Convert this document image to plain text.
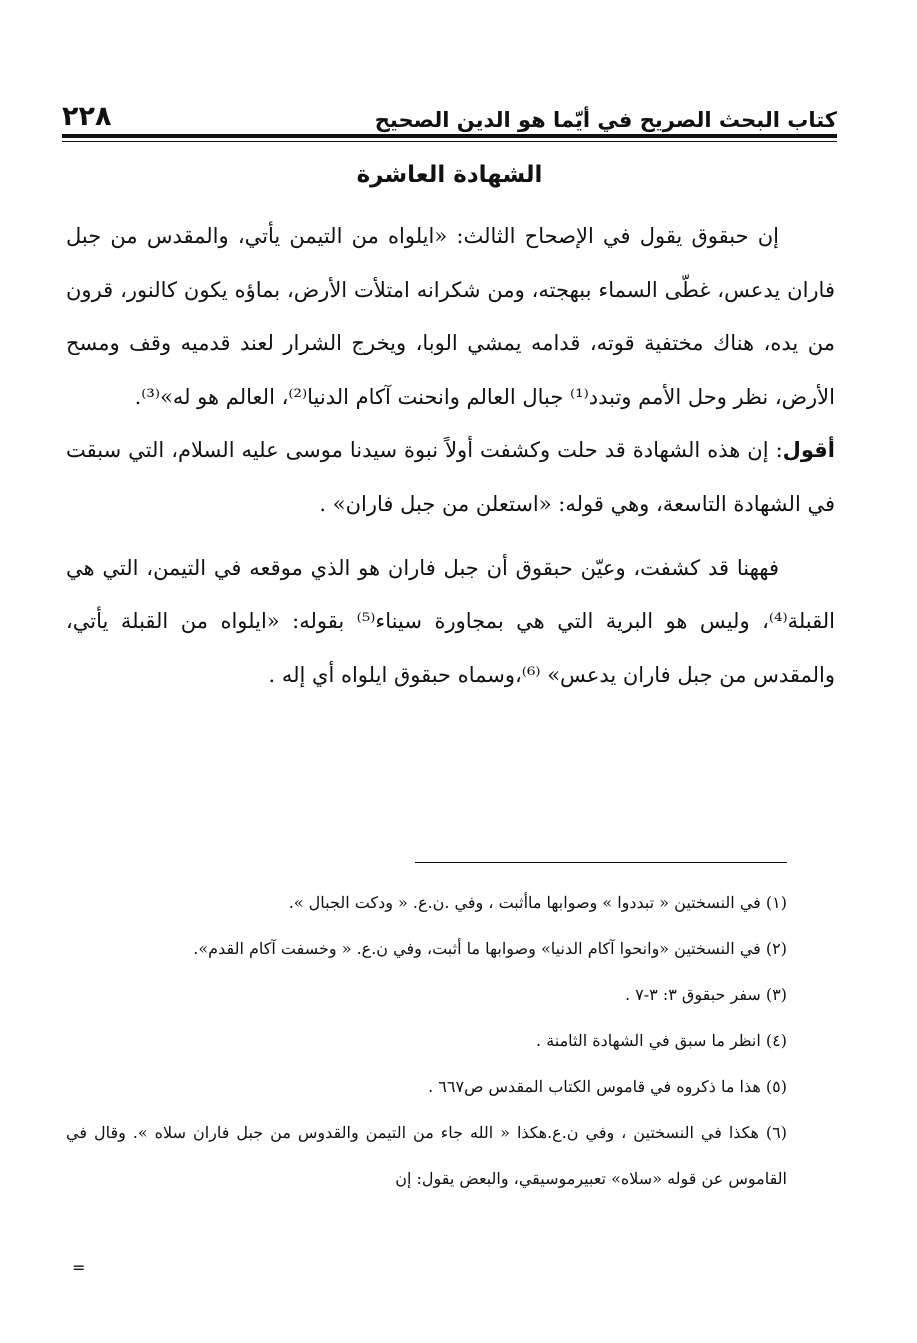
كتاب البحث الصريح في أيّما هو الدين الصحيح
٢٢٨
الشهادة العاشرة

إن حبقوق يقول في الإصحاح الثالث: «ايلواه من التيمن يأتي، والمقدس من جبل فاران يدعس، غطّى السماء ببهجته، ومن شكرانه امتلأت الأرض، بماؤه يكون كالنور، قرون من يده، هناك مختفية قوته، قدامه يمشي الوبا، ويخرج الشرار لعند قدميه وقف ومسح الأرض، نظر وحل الأمم وتبدد⁽¹⁾ جبال العالم وانحنت آكام الدنيا⁽²⁾، العالم هو له»⁽³⁾.

أقول: إن هذه الشهادة قد حلت وكشفت أولاً نبوة سيدنا موسى عليه السلام، التي سبقت في الشهادة التاسعة، وهي قوله: «استعلن من جبل فاران» .

فههنا قد كشفت، وعيّن حبقوق أن جبل فاران هو الذي موقعه في التيمن، التي هي القبلة⁽⁴⁾، وليس هو البرية التي هي بمجاورة سيناء⁽⁵⁾ بقوله: «ايلواه من القبلة يأتي، والمقدس من جبل فاران يدعس» ⁽⁶⁾،وسماه حبقوق ايلواه أي إله .

(١) في النسختين « تبددوا » وصوابها ماأثبت ، وفي .ن.ع. « ودكت الجبال ».

(٢) في النسختين «وانحوا آكام الدنيا» وصوابها ما أثبت، وفي ن.ع. « وخسفت آكام القدم».

(٣) سفر حبقوق ٣: ٣-٧ .

(٤) انظر ما سبق في الشهادة الثامنة .

(٥) هذا ما ذكروه في قاموس الكتاب المقدس ص٦٦٧ .

(٦) هكذا في النسختين ، وفي ن.ع.هكذا « الله جاء من التيمن والقدوس من جبل فاران سلاه ». وقال في القاموس عن قوله «سلاه» تعبيرموسيقي، والبعض يقول: إن

=
